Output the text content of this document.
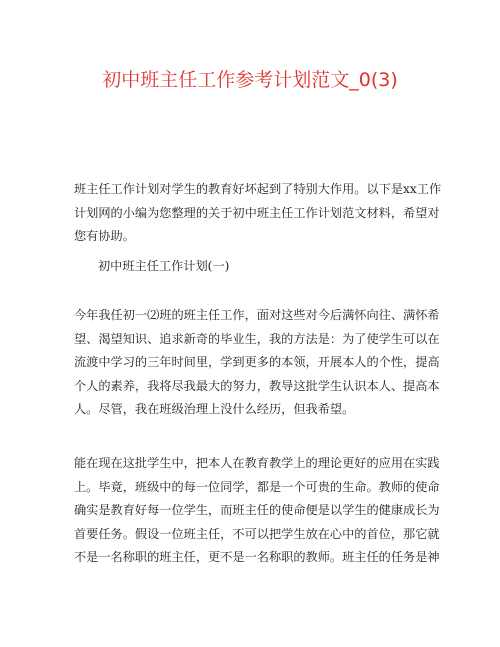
初中班主任工作参考计划范文_0(3)
班主任工作计划对学生的教育好坏起到了特别大作用。以下是xx工作
计划网的小编为您整理的关于初中班主任工作计划范文材料，希望对
您有协助。
初中班主任工作计划(一)
今年我任初一⑵班的班主任工作，面对这些对今后满怀向往、满怀希
望、渴望知识、追求新奇的毕业生，我的方法是：为了使学生可以在
流渡中学习的三年时间里，学到更多的本领，开展本人的个性，提高
个人的素养，我将尽我最大的努力，教导这批学生认识本人、提高本
人。尽管，我在班级治理上没什么经历，但我希望。
能在现在这批学生中，把本人在教育教学上的理论更好的应用在实践
上。毕竟，班级中的每一位同学，都是一个可贵的生命。教师的使命
确实是教育好每一位学生，而班主任的使命便是以学生的健康成长为
首要任务。假设一位班主任，不可以把学生放在心中的首位，那它就
不是一名称职的班主任，更不是一名称职的教师。班主任的任务是神
